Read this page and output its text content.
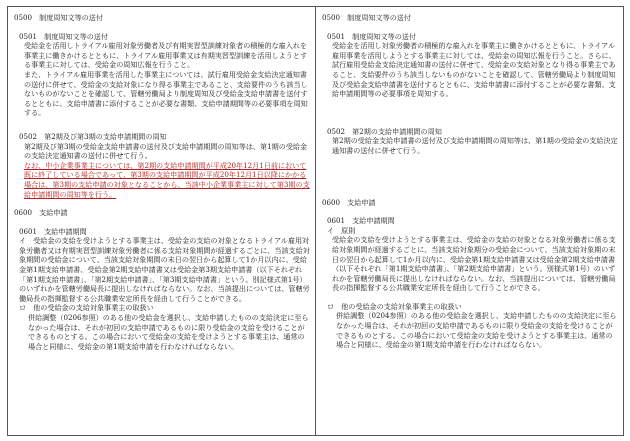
0500　制度周知文等の送付

0501　制度周知文等の送付

受給金を活用しトライアル雇用対象労働者及び有期実習型訓練対象者の積極的な雇入れを事業主に働きかけるとともに、トライアル雇用事業又は有期実習型訓練を活用しようとする事業主に対しては、受給金の周知広報を行うこと。

また、トライアル雇用事業を活用した事業主については、試行雇用受給金支給決定通知書の送付に併せて、受給金の支給対象になり得る事業主であること、支給要件のうち該当しないものがないことを確認して、管轄労働局より制度周知及び受給金支給申請書を送付するとともに、支給申請書に添付することが必要な書類、支給申請期間等の必要事項を周知する。

0502　第2期及び第3期の支給申請期間の周知

第2期及び第3期の受給金支給申請書の送付及び支給申請期間の周知等は、第1期の受給金の支給決定通知書の送付に併せて行う。

なお、中小企業事業主については、第2期の支給申請期間が平成20年12月1日前において既に終了している場合であって、第3期の支給申請期間が平成20年12月1日以降にかかる場合は、第3期の支給申請の対象となることから、当該中小企業事業主に対して第3期の支給申請期間の周知等を行う。

0600　支給申請

0601　支給申請期間

イ　受給金の支給を受けようとする事業主は、受給金の支給の対象となるトライアル雇用対象労働者又は有期実習型訓練対象労働者に係る支給対象期間が経過するごとに、当該支給対象期間の受給金について、当該支給対象期間の末日の翌日から起算して1か月以内に、受給金第1期支給申請書、受給金第2期支給申請書又は受給金第3期支給申請書（以下それぞれ「第1期支給申請書」、「第2期支給申請書」、「第3期支給申請書」という。別記様式第1号）のいずれかを管轄労働局長に提出しなければならない。なお、当該提出については、管轄労働局長の指揮監督する公共職業安定所長を経由して行うことができる。

ロ　他の受給金の支給対象事業主の取扱い

併給調整（0206参照）のある他の受給金を選択し、支給申請したものの支給決定に至らなかった場合は、それが初回の支給申請であるものに限り受給金の支給を受けることができるものとする。この場合において受給金の支給を受けようとする事業主は、通常の場合と同様に、受給金の第1期支給申請を行わなければならない。

0500　制度周知文等の送付

0501　制度周知文等の送付

受給金を活用し対象労働者の積極的な雇入れを事業主に働きかけるとともに、トライアル雇用事業を活用しようとする事業主に対しては、受給金の周知広報を行うこと。さらに、試行雇用受給金支給決定通知書の送付に併せて、受給金の支給対象となり得る事業主であること、支給要件のうち該当しないものがないことを確認して、管轄労働局より制度周知及び受給金支給申請書を送付するとともに、支給申請書に添付することが必要な書類、支給申請期間等の必要事項を周知する。

0502　第2期の支給申請期間の周知

第2期の受給金支給申請書の送付及び支給申請期間の周知等は、第1期の受給金の支給決定通知書の送付に併せて行う。

0600　支給申請

0601　支給申請期間

イ　原則

受給金の支給を受けようとする事業主は、受給金の支給の対象となる対象労働者に係る支給対象期間が経過するごとに、当該支給対象期分の受給金について、当該支給対象期の末日の翌日から起算して1か月以内に、受給金第1期支給申請書又は受給金第2期支給申請書（以下それぞれ「第1期支給申請書」、「第2期支給申請書」という。別様式第1号）のいずれかを管轄労働局長に提出しなければならない。なお、当該提出については、管轄労働局長の指揮監督する公共職業安定所長を経由して行うことができる。

ロ　他の受給金の支給対象事業主の取扱い

併給調整（0204参照）のある他の受給金を選択し、支給申請したものの支給決定に至らなかった場合は、それが初回の支給申請であるものに限り受給金の支給を受けることができるものとする。この場合において受給金の支給を受けようとする事業主は、通常の場合と同様に、受給金の第1期支給申請を行わなければならない。
